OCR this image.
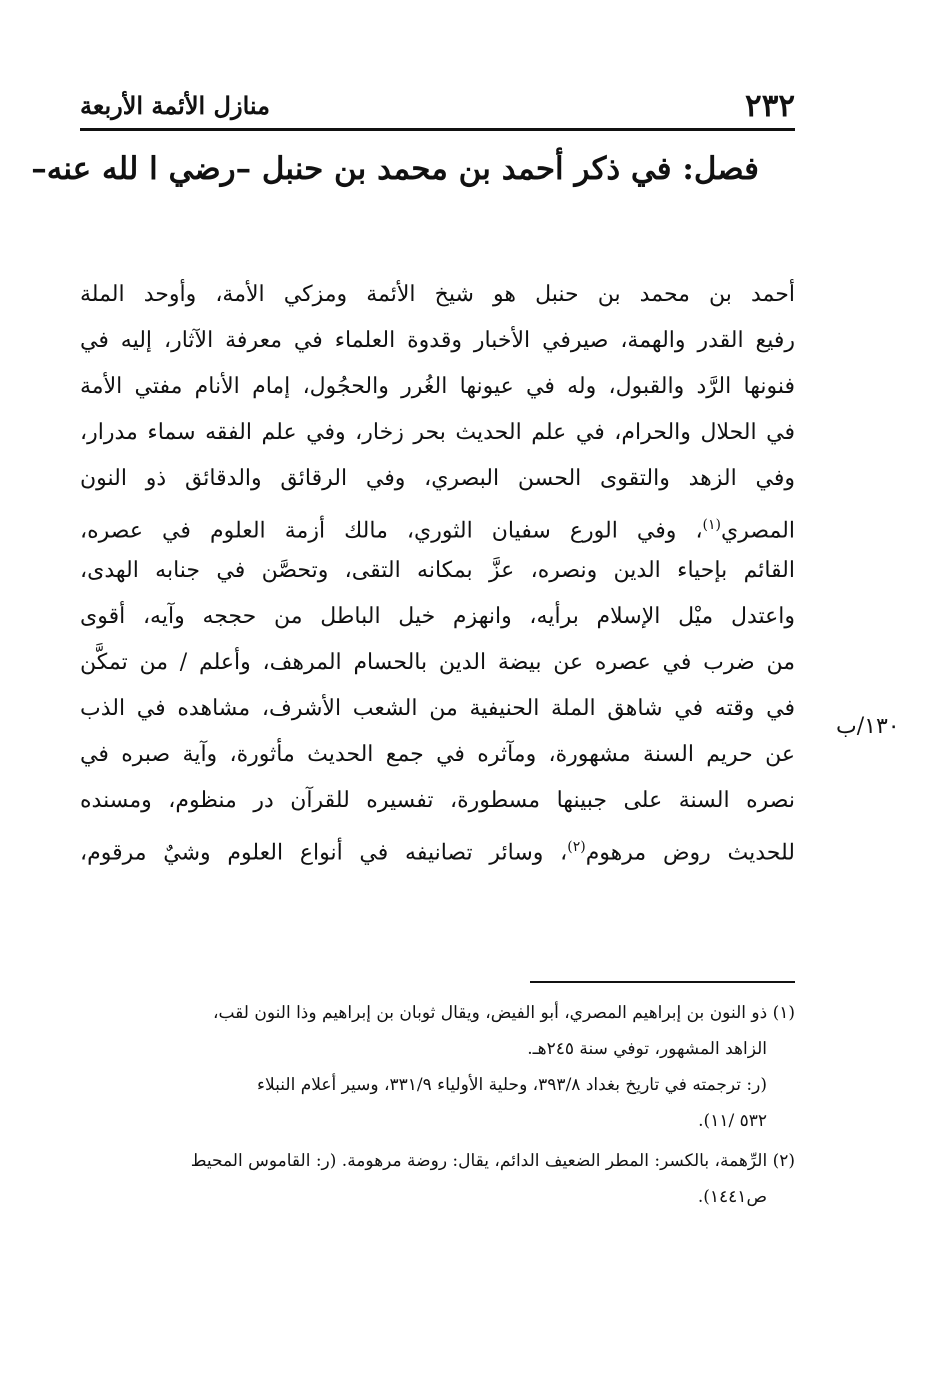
٢٣٢
منازل الأئمة الأربعة
فصل: في ذكر أحمد بن محمد بن حنبل –رضي ا لله عنه–
أحمد بن محمد بن حنبل هو شيخ الأئمة ومزكي الأمة، وأوحد الملة
رفيع القدر والهمة، صيرفي الأخبار وقدوة العلماء في معرفة الآثار، إليه في
فنونها الرَّد والقبول، وله في عيونها الغُرر والحجُول، إمام الأنام مفتي الأمة
في الحلال والحرام، في علم الحديث بحر زخار، وفي علم الفقه سماء مدرار،
وفي الزهد والتقوى الحسن البصري، وفي الرقائق والدقائق ذو النون
المصري$^{(١)}$، وفي الورع سفيان الثوري، مالك أزمة العلوم في عصره،
القائم بإحياء الدين ونصره، عزَّ بمكانه التقى، وتحصَّن في جنابه الهدى،
واعتدل ميْل الإسلام برأيه، وانهزم خيل الباطل من حججه وآيه، أقوى
من ضرب في عصره عن بيضة الدين بالحسام المرهف، وأعلم / من تمكَّن
في وقته في شاهق الملة الحنيفية من الشعب الأشرف، مشاهده في الذب
عن حريم السنة مشهورة، ومآثره في جمع الحديث مأثورة، وآية صبره في
نصره السنة على جبينها مسطورة، تفسيره للقرآن در منظوم، ومسنده
للحديث روض مرهوم$^{(٢)}$، وسائر تصانيفه في أنواع العلوم وشيٌ مرقوم،
١٣٠/ب
(١) ذو النون بن إبراهيم المصري، أبو الفيض، ويقال ثوبان بن إبراهيم وذا النون لقب،
الزاهد المشهور، توفي سنة ٢٤٥هـ.
(ر: ترجمته في تاريخ بغداد ٣٩٣/٨، وحلية الأولياء ٣٣١/٩، وسير أعلام النبلاء
٥٣٢ /١١).
(٢) الرِّهمة، بالكسر: المطر الضعيف الدائم، يقال: روضة مرهومة. (ر: القاموس المحيط
ص١٤٤١).
